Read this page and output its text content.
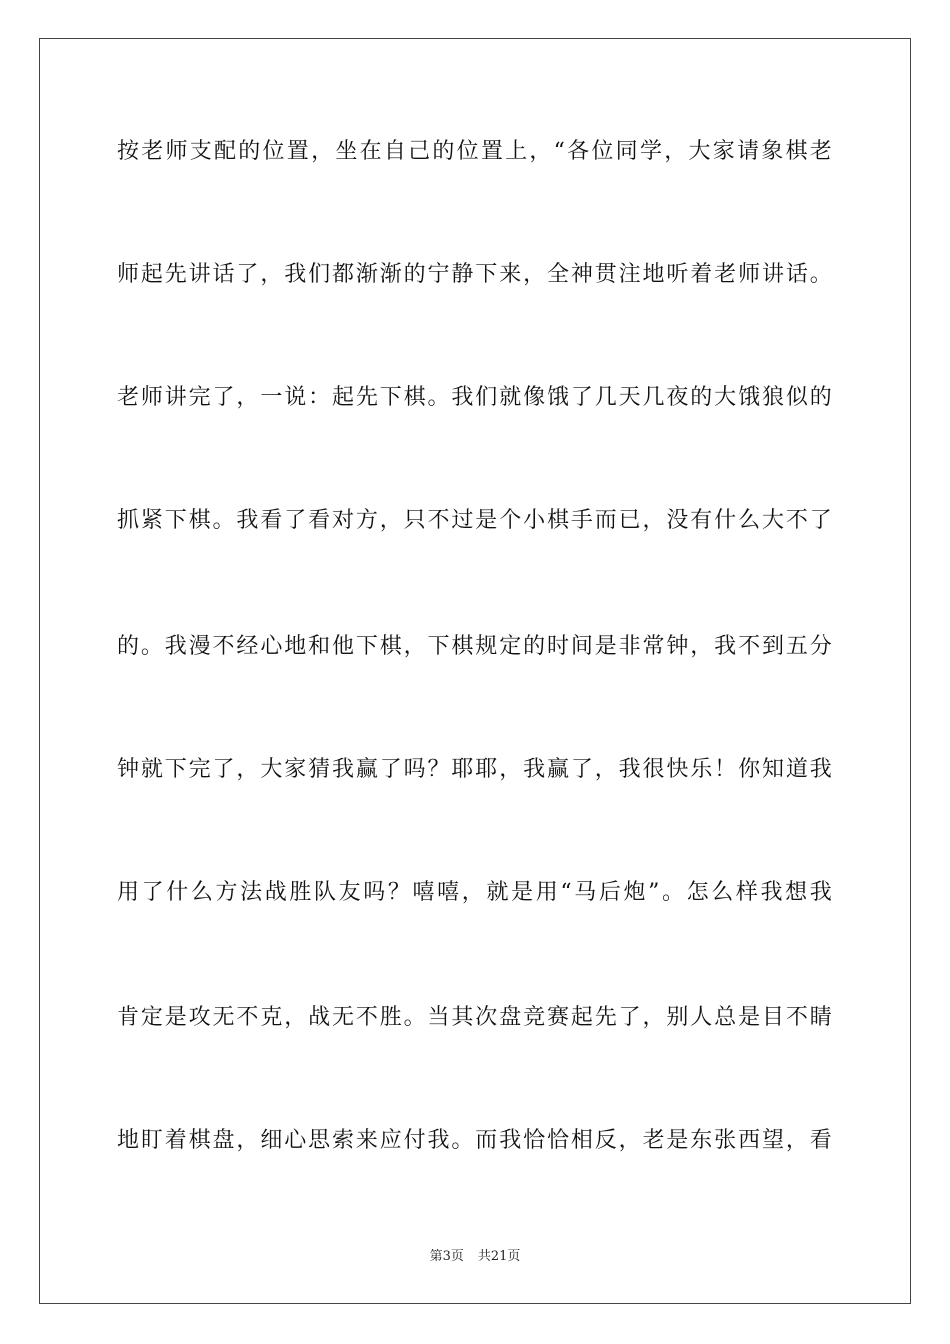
按老师支配的位置，坐在自己的位置上，“各位同学，大家请象棋老
师起先讲话了，我们都渐渐的宁静下来，全神贯注地听着老师讲话。
老师讲完了，一说：起先下棋。我们就像饿了几天几夜的大饿狼似的
抓紧下棋。我看了看对方，只不过是个小棋手而已，没有什么大不了
的。我漫不经心地和他下棋，下棋规定的时间是非常钟，我不到五分
钟就下完了，大家猜我赢了吗？耶耶，我赢了，我很快乐！你知道我
用了什么方法战胜队友吗？嘻嘻，就是用“马后炮”。怎么样我想我
肯定是攻无不克，战无不胜。当其次盘竞赛起先了，别人总是目不睛
地盯着棋盘，细心思索来应付我。而我恰恰相反，老是东张西望，看
第3页 共21页
